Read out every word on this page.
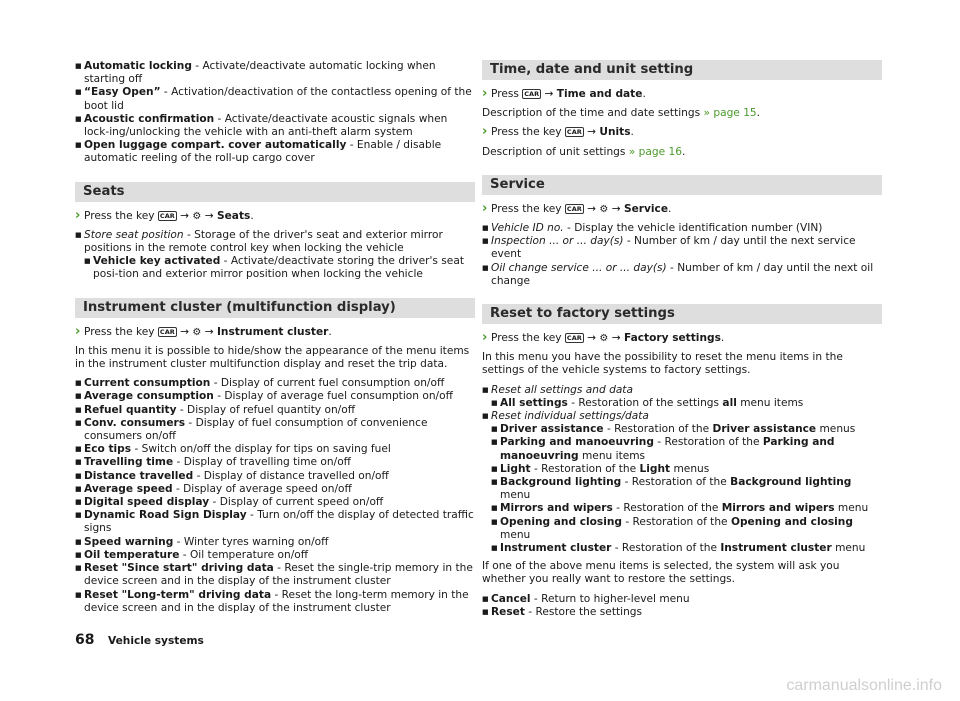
■ Automatic locking - Activate/deactivate automatic locking when starting off
■ “Easy Open” - Activation/deactivation of the contactless opening of the boot lid
■ Acoustic confirmation - Activate/deactivate acoustic signals when lock-ing/unlocking the vehicle with an anti-theft alarm system
■ Open luggage compart. cover automatically - Enable / disable automatic reeling of the roll-up cargo cover
Seats
› Press the key CAR → ⚙ → Seats.
■ Store seat position - Storage of the driver's seat and exterior mirror positions in the remote control key when locking the vehicle
■ Vehicle key activated - Activate/deactivate storing the driver's seat posi-tion and exterior mirror position when locking the vehicle
Instrument cluster (multifunction display)
› Press the key CAR → ⚙ → Instrument cluster.
In this menu it is possible to hide/show the appearance of the menu items in the instrument cluster multifunction display and reset the trip data.
■ Current consumption - Display of current fuel consumption on/off
■ Average consumption - Display of average fuel consumption on/off
■ Refuel quantity - Display of refuel quantity on/off
■ Conv. consumers - Display of fuel consumption of convenience consumers on/off
■ Eco tips - Switch on/off the display for tips on saving fuel
■ Travelling time - Display of travelling time on/off
■ Distance travelled - Display of distance travelled on/off
■ Average speed - Display of average speed on/off
■ Digital speed display - Display of current speed on/off
■ Dynamic Road Sign Display - Turn on/off the display of detected traffic signs
■ Speed warning - Winter tyres warning on/off
■ Oil temperature - Oil temperature on/off
■ Reset "Since start" driving data - Reset the single-trip memory in the device screen and in the display of the instrument cluster
■ Reset "Long-term" driving data - Reset the long-term memory in the device screen and in the display of the instrument cluster
Time, date and unit setting
› Press CAR → Time and date.
Description of the time and date settings » page 15.
› Press the key CAR → Units.
Description of unit settings » page 16.
Service
› Press the key CAR → ⚙ → Service.
■ Vehicle ID no. - Display the vehicle identification number (VIN)
■ Inspection ... or ... day(s) - Number of km / day until the next service event
■ Oil change service ... or ... day(s) - Number of km / day until the next oil change
Reset to factory settings
› Press the key CAR → ⚙ → Factory settings.
In this menu you have the possibility to reset the menu items in the settings of the vehicle systems to factory settings.
■ Reset all settings and data
■ All settings - Restoration of the settings all menu items
■ Reset individual settings/data
■ Driver assistance - Restoration of the Driver assistance menus
■ Parking and manoeuvring - Restoration of the Parking and manoeuvring menu items
■ Light - Restoration of the Light menus
■ Background lighting - Restoration of the Background lighting menu
■ Mirrors and wipers - Restoration of the Mirrors and wipers menu
■ Opening and closing - Restoration of the Opening and closing menu
■ Instrument cluster - Restoration of the Instrument cluster menu
If one of the above menu items is selected, the system will ask you whether you really want to restore the settings.
■ Cancel - Return to higher-level menu
■ Reset - Restore the settings
68 Vehicle systems
carmanualsonline.info
